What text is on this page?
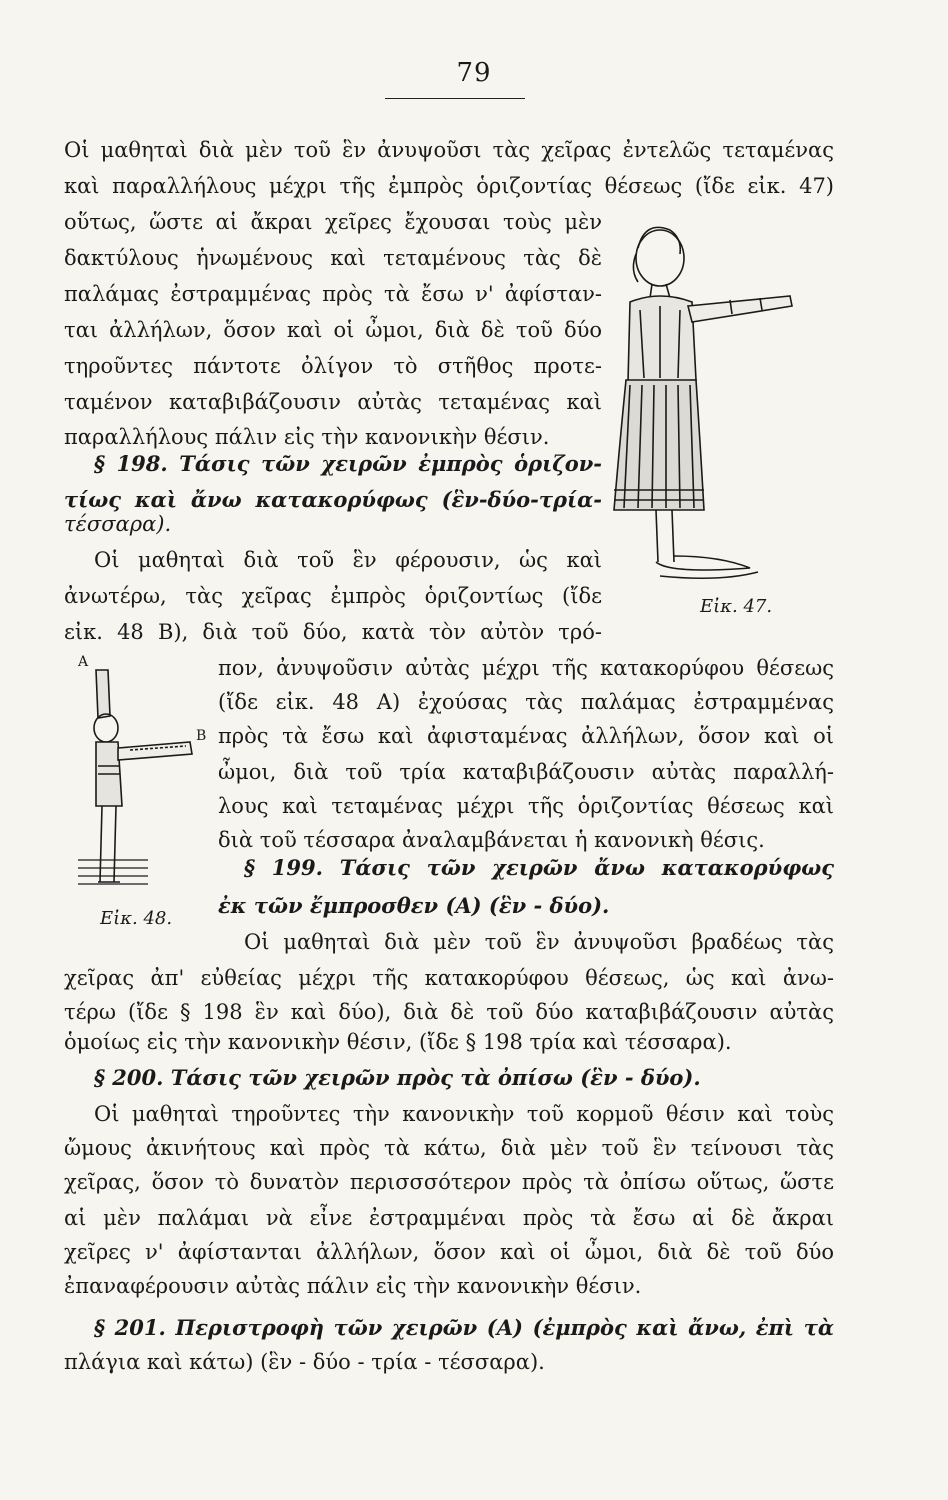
79
Οἱ μαθηταὶ διὰ μὲν τοῦ ἓν ἀνυψοῦσι τὰς χεῖρας ἐντελῶς τεταμένας
καὶ παραλλήλους μέχρι τῆς ἐμπρὸς ὁριζοντίας θέσεως (ἴδε εἰκ. 47)
οὕτως, ὥστε αἱ ἄκραι χεῖρες ἔχουσαι τοὺς μὲν
δακτύλους ἡνωμένους καὶ τεταμένους τὰς δὲ
παλάμας ἐστραμμένας πρὸς τὰ ἔσω ν' ἀφίσταν-
ται ἀλλήλων, ὅσον καὶ οἱ ὦμοι, διὰ δὲ τοῦ δύο
τηροῦντες πάντοτε ὀλίγον τὸ στῆθος προτε-
ταμένον καταβιβάζουσιν αὐτὰς τεταμένας καὶ
παραλλήλους πάλιν εἰς τὴν κανονικὴν θέσιν.
§ 198. Τάσις τῶν χειρῶν ἐμπρὸς ὁριζον-
τίως καὶ ἄνω κατακορύφως (ἓν-δύο-τρία-
τέσσαρα).
Οἱ μαθηταὶ διὰ τοῦ ἓν φέρουσιν, ὡς καὶ
ἀνωτέρω, τὰς χεῖρας ἐμπρὸς ὁριζοντίως (ἴδε
εἰκ. 48 Β), διὰ τοῦ δύο, κατὰ τὸν αὐτὸν τρό-
πον, ἀνυψοῦσιν αὐτὰς μέχρι τῆς κατακορύφου θέσεως
(ἴδε εἰκ. 48 Α) ἐχούσας τὰς παλάμας ἐστραμμένας
πρὸς τὰ ἔσω καὶ ἀφισταμένας ἀλλήλων, ὅσον καὶ οἱ
ὦμοι, διὰ τοῦ τρία καταβιβάζουσιν αὐτὰς παραλλή-
λους καὶ τεταμένας μέχρι τῆς ὁριζοντίας θέσεως καὶ
διὰ τοῦ τέσσαρα ἀναλαμβάνεται ἡ κανονικὴ θέσις.
§ 199. Τάσις τῶν χειρῶν ἄνω κατακορύφως
ἐκ τῶν ἔμπροσθεν (Α) (ἓν - δύο).
Οἱ μαθηταὶ διὰ μὲν τοῦ ἓν ἀνυψοῦσι βραδέως τὰς
χεῖρας ἀπ' εὐθείας μέχρι τῆς κατακορύφου θέσεως, ὡς καὶ ἀνω-
τέρω (ἴδε § 198 ἓν καὶ δύο), διὰ δὲ τοῦ δύο καταβιβάζουσιν αὐτὰς
ὁμοίως εἰς τὴν κανονικὴν θέσιν, (ἴδε § 198 τρία καὶ τέσσαρα).
§ 200. Τάσις τῶν χειρῶν πρὸς τὰ ὀπίσω (ἓν - δύο).
Οἱ μαθηταὶ τηροῦντες τὴν κανονικὴν τοῦ κορμοῦ θέσιν καὶ τοὺς
ὤμους ἀκινήτους καὶ πρὸς τὰ κάτω, διὰ μὲν τοῦ ἓν τείνουσι τὰς
χεῖρας, ὅσον τὸ δυνατὸν περισσσότερον πρὸς τὰ ὀπίσω οὕτως, ὥστε
αἱ μὲν παλάμαι νὰ εἶνε ἐστραμμέναι πρὸς τὰ ἔσω αἱ δὲ ἄκραι
χεῖρες ν' ἀφίστανται ἀλλήλων, ὅσον καὶ οἱ ὦμοι, διὰ δὲ τοῦ δύο
ἐπαναφέρουσιν αὐτὰς πάλιν εἰς τὴν κανονικὴν θέσιν.
§ 201. Περιστροφὴ τῶν χειρῶν (Α) (ἐμπρὸς καὶ ἄνω, ἐπὶ τὰ
πλάγια καὶ κάτω) (ἓν - δύο - τρία - τέσσαρα).
Εἰκ. 47.
A
B
Εἰκ. 48.
